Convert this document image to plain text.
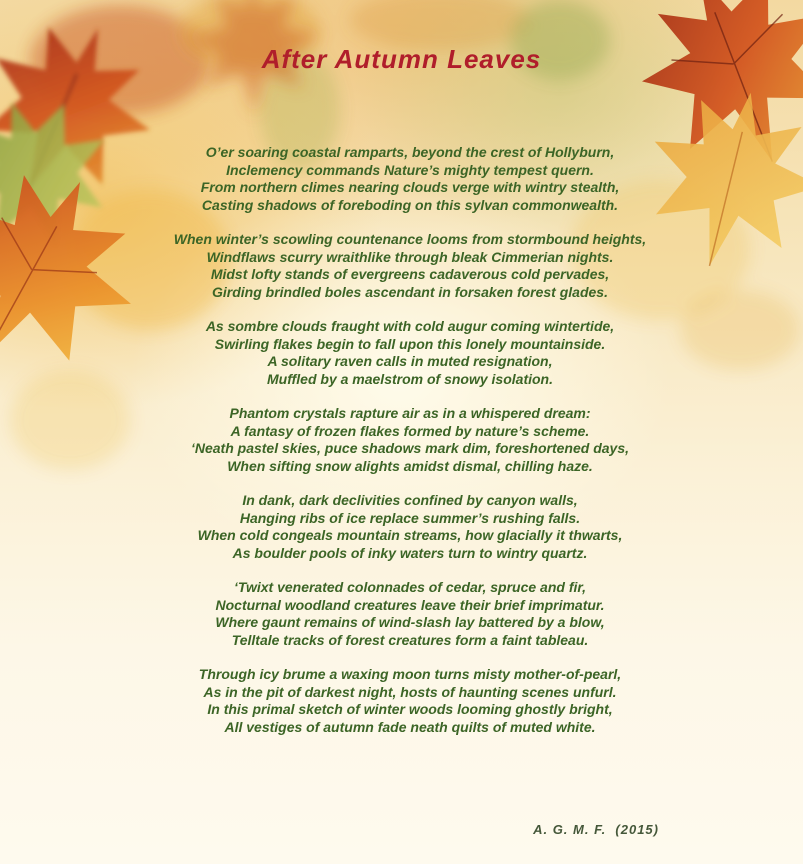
After Autumn Leaves
O’er soaring coastal ramparts, beyond the crest of Hollyburn,
Inclemency commands Nature’s mighty tempest quern.
From northern climes nearing clouds verge with wintry stealth,
Casting shadows of foreboding on this sylvan commonwealth.
When winter’s scowling countenance looms from stormbound heights,
Windflaws scurry wraithlike through bleak Cimmerian nights.
Midst lofty stands of evergreens cadaverous cold pervades,
Girding brindled boles ascendant in forsaken forest glades.
As sombre clouds fraught with cold augur coming wintertide,
Swirling flakes begin to fall upon this lonely mountainside.
A solitary raven calls in muted resignation,
Muffled by a maelstrom of snowy isolation.
Phantom crystals rapture air as in a whispered dream:
A fantasy of frozen flakes formed by nature’s scheme.
‘Neath pastel skies, puce shadows mark dim, foreshortened days,
When sifting snow alights amidst dismal, chilling haze.
In dank, dark declivities confined by canyon walls,
Hanging ribs of ice replace summer’s rushing falls.
When cold congeals mountain streams, how glacially it thwarts,
As boulder pools of inky waters turn to wintry quartz.
‘Twixt venerated colonnades of cedar, spruce and fir,
Nocturnal woodland creatures leave their brief imprimatur.
Where gaunt remains of wind-slash lay battered by a blow,
Telltale tracks of forest creatures form a faint tableau.
Through icy brume a waxing moon turns misty mother-of-pearl,
As in the pit of darkest night, hosts of haunting scenes unfurl.
In this primal sketch of winter woods looming ghostly bright,
All vestiges of autumn fade neath quilts of muted white.
A. G. M. F.  (2015)
